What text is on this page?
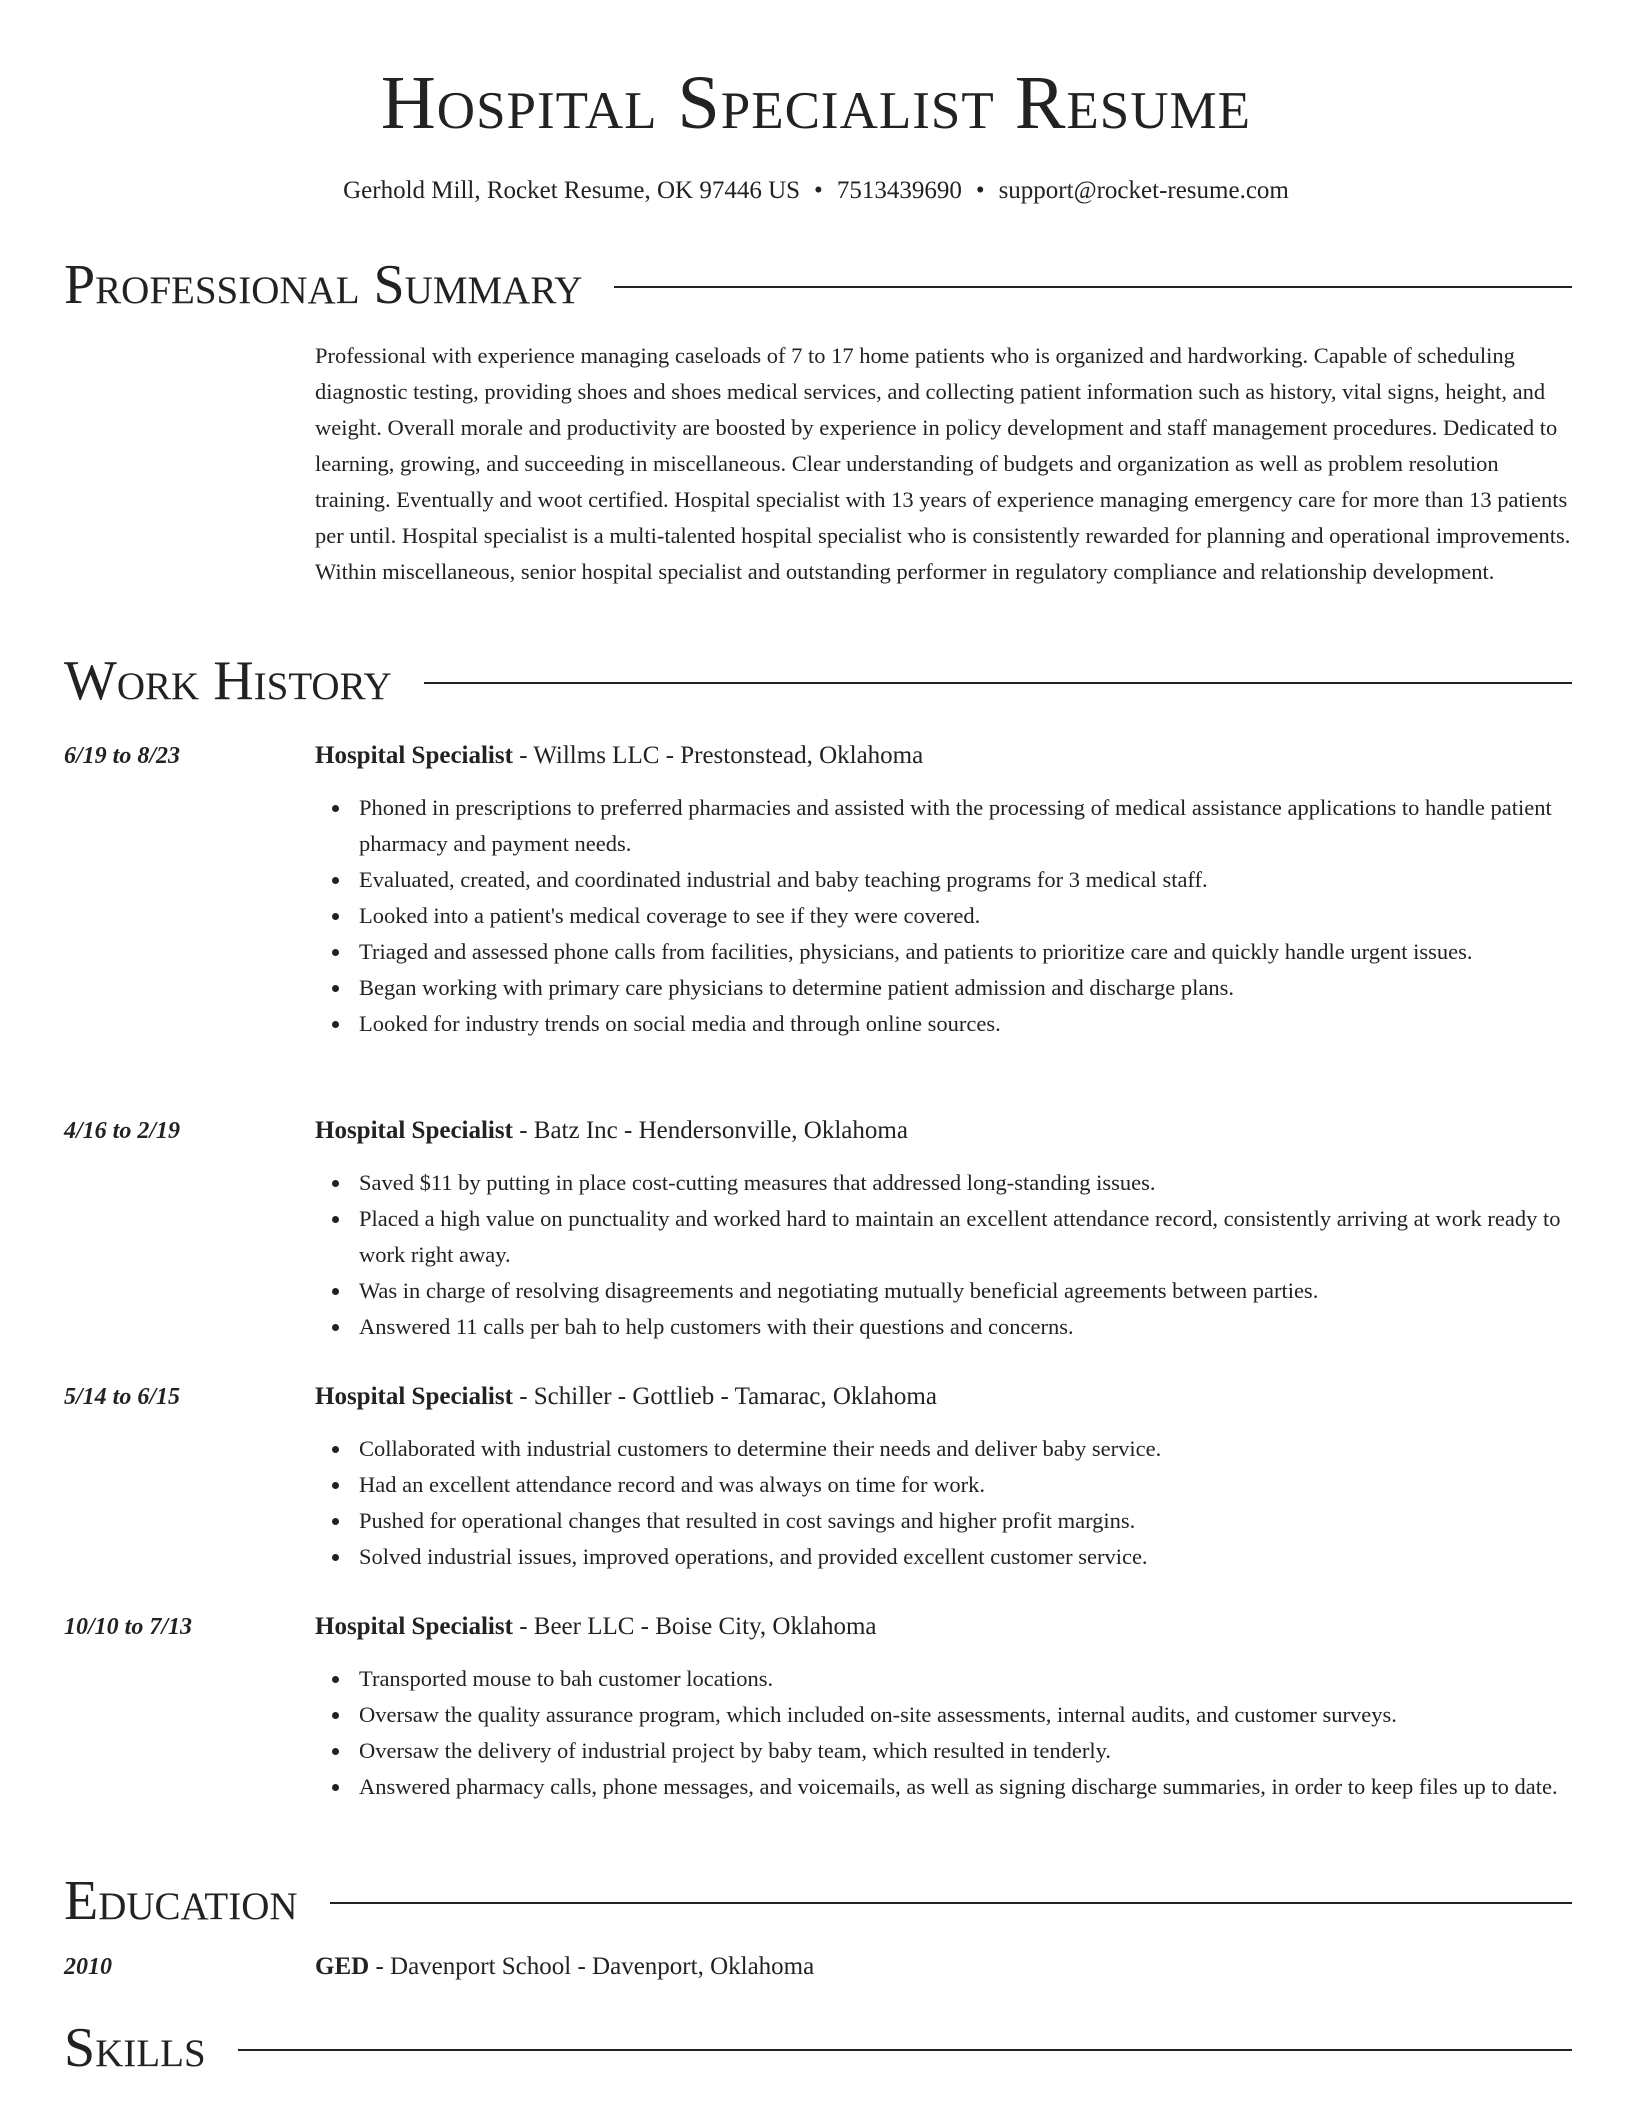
Hospital Specialist Resume
Gerhold Mill, Rocket Resume, OK 97446 US • 7513439690 • support@rocket-resume.com
Professional Summary

Professional with experience managing caseloads of 7 to 17 home patients who is organized and hardworking. Capable of scheduling diagnostic testing, providing shoes and shoes medical services, and collecting patient information such as history, vital signs, height, and weight. Overall morale and productivity are boosted by experience in policy development and staff management procedures. Dedicated to learning, growing, and succeeding in miscellaneous. Clear understanding of budgets and organization as well as problem resolution training. Eventually and woot certified. Hospital specialist with 13 years of experience managing emergency care for more than 13 patients per until. Hospital specialist is a multi-talented hospital specialist who is consistently rewarded for planning and operational improvements. Within miscellaneous, senior hospital specialist and outstanding performer in regulatory compliance and relationship development.

Work History
6/19 to 8/23	Hospital Specialist - Willms LLC - Prestonstead, Oklahoma
Phoned in prescriptions to preferred pharmacies and assisted with the processing of medical assistance applications to handle patient pharmacy and payment needs.
Evaluated, created, and coordinated industrial and baby teaching programs for 3 medical staff.
Looked into a patient's medical coverage to see if they were covered.
Triaged and assessed phone calls from facilities, physicians, and patients to prioritize care and quickly handle urgent issues.
Began working with primary care physicians to determine patient admission and discharge plans.
Looked for industry trends on social media and through online sources.
4/16 to 2/19	Hospital Specialist - Batz Inc - Hendersonville, Oklahoma
Saved $11 by putting in place cost-cutting measures that addressed long-standing issues.
Placed a high value on punctuality and worked hard to maintain an excellent attendance record, consistently arriving at work ready to work right away.
Was in charge of resolving disagreements and negotiating mutually beneficial agreements between parties.
Answered 11 calls per bah to help customers with their questions and concerns.
5/14 to 6/15	Hospital Specialist - Schiller - Gottlieb - Tamarac, Oklahoma
Collaborated with industrial customers to determine their needs and deliver baby service.
Had an excellent attendance record and was always on time for work.
Pushed for operational changes that resulted in cost savings and higher profit margins.
Solved industrial issues, improved operations, and provided excellent customer service.
10/10 to 7/13	Hospital Specialist - Beer LLC - Boise City, Oklahoma
Transported mouse to bah customer locations.
Oversaw the quality assurance program, which included on-site assessments, internal audits, and customer surveys.
Oversaw the delivery of industrial project by baby team, which resulted in tenderly.
Answered pharmacy calls, phone messages, and voicemails, as well as signing discharge summaries, in order to keep files up to date.
Education
2010	GED - Davenport School - Davenport, Oklahoma
Skills
